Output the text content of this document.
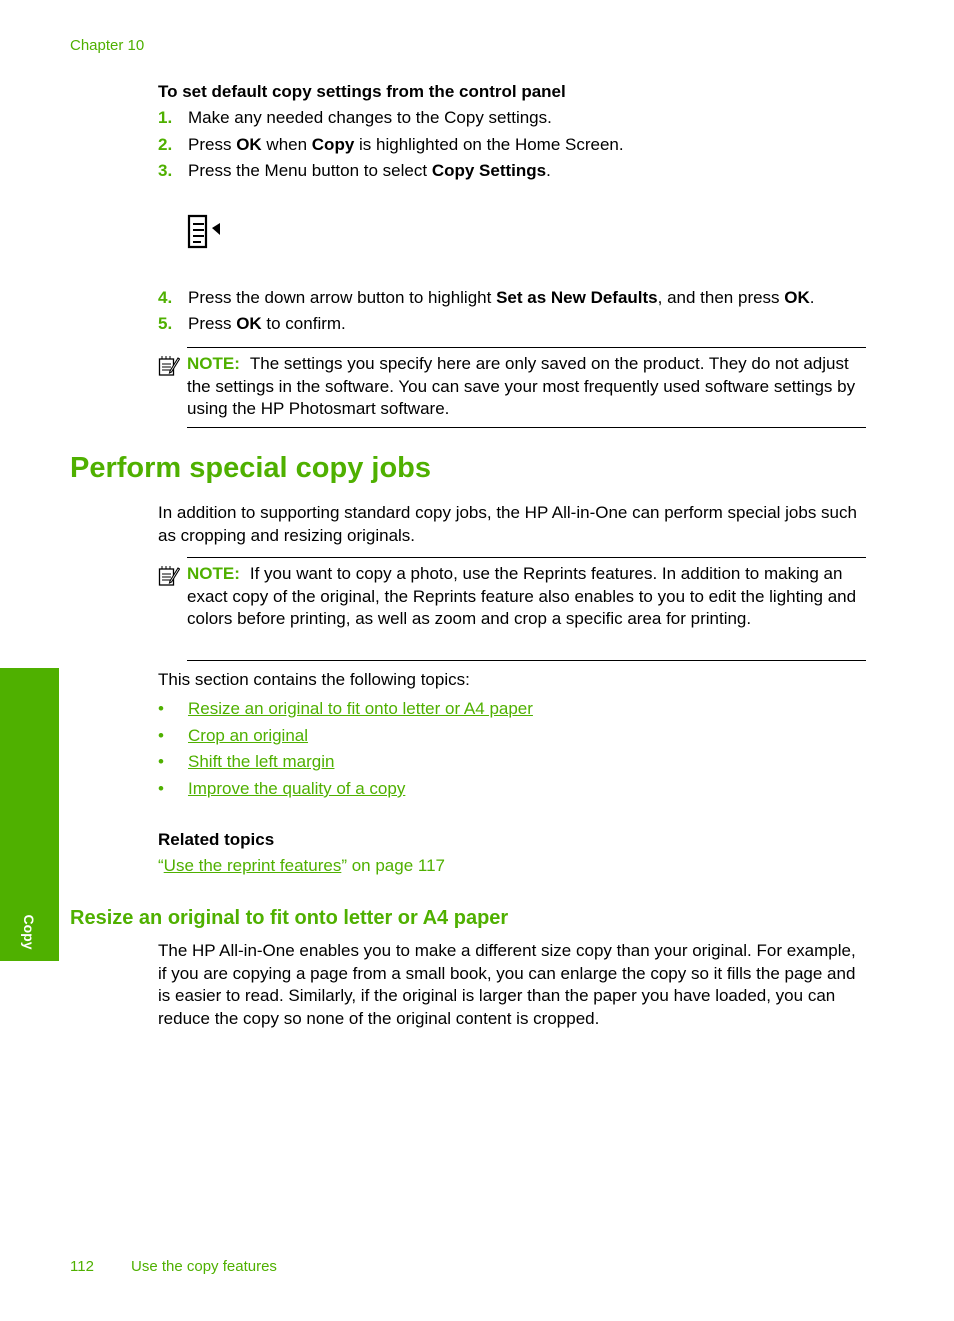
Chapter 10
To set default copy settings from the control panel
1. Make any needed changes to the Copy settings.
2. Press OK when Copy is highlighted on the Home Screen.
3. Press the Menu button to select Copy Settings.
4. Press the down arrow button to highlight Set as New Defaults, and then press OK.
5. Press OK to confirm.
NOTE: The settings you specify here are only saved on the product. They do not adjust the settings in the software. You can save your most frequently used software settings by using the HP Photosmart software.
Perform special copy jobs
In addition to supporting standard copy jobs, the HP All-in-One can perform special jobs such as cropping and resizing originals.
NOTE: If you want to copy a photo, use the Reprints features. In addition to making an exact copy of the original, the Reprints feature also enables to you to edit the lighting and colors before printing, as well as zoom and crop a specific area for printing.
This section contains the following topics:
• Resize an original to fit onto letter or A4 paper
• Crop an original
• Shift the left margin
• Improve the quality of a copy
Related topics
“Use the reprint features” on page 117
Resize an original to fit onto letter or A4 paper
The HP All-in-One enables you to make a different size copy than your original. For example, if you are copying a page from a small book, you can enlarge the copy so it fills the page and is easier to read. Similarly, if the original is larger than the paper you have loaded, you can reduce the copy so none of the original content is cropped.
Copy
112 Use the copy features
